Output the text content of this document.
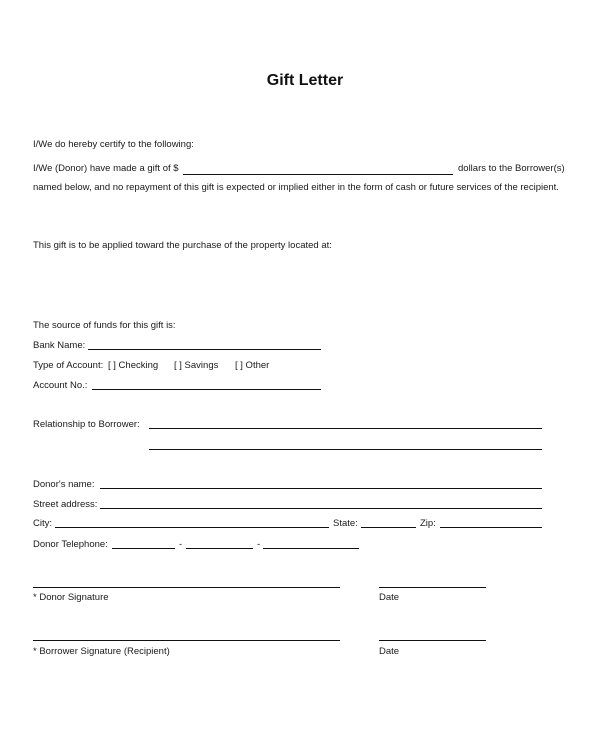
Gift Letter
I/We do hereby certify to the following:
I/We (Donor) have made a gift of $	dollars to the Borrower(s)
named below, and no repayment of this gift is expected or implied either in the form of cash or future services of the recipient.
This gift is to be applied toward the purchase of the property located at:
The source of funds for this gift is:
Bank Name:
Type of Account: [ ] Checking [ ] Savings [ ] Other
Account No.:
Relationship to Borrower:
Donor's name:
Street address:
City:	State:	Zip:
Donor Telephone:	-	-
* Donor Signature	Date
* Borrower Signature (Recipient)	Date
